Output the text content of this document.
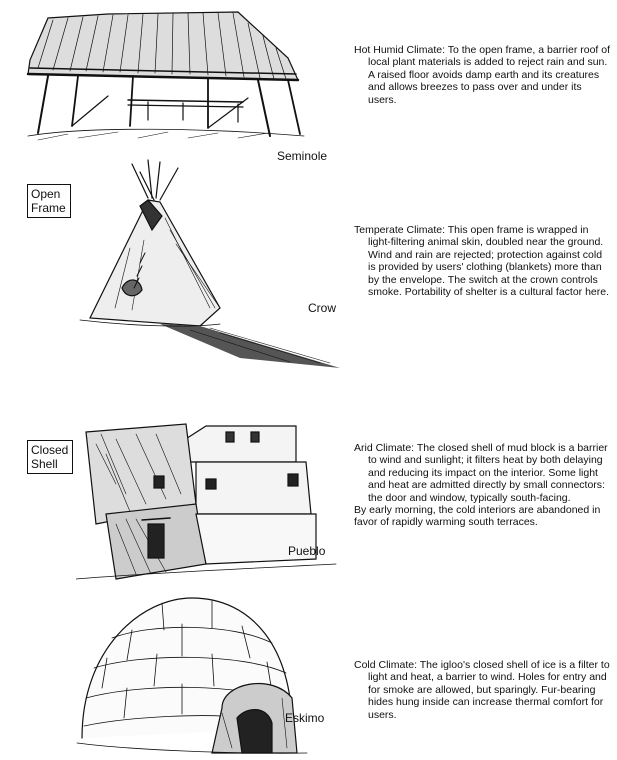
Seminole
Crow
Pueblo
Eskimo
Open
Frame
Closed
Shell

Hot Humid Climate: To the open frame, a barrier roof of local plant materials is added to reject rain and sun. A raised floor avoids damp earth and its creatures and allows breezes to pass over and under its users.

Temperate Climate: This open frame is wrapped in light-filtering animal skin, doubled near the ground. Wind and rain are rejected; protection against cold is provided by users' clothing (blankets) more than by the envelope. The switch at the crown controls smoke. Portability of shelter is a cultural factor here.

Arid Climate: The closed shell of mud block is a barrier to wind and sunlight; it filters heat by both delaying and reducing its impact on the interior. Some light and heat are admitted directly by small connectors: the door and window, typically south-facing.

By early morning, the cold interiors are abandoned in favor of rapidly warming south terraces.

Cold Climate: The igloo's closed shell of ice is a filter to light and heat, a barrier to wind. Holes for entry and for smoke are allowed, but sparingly. Fur-bearing hides hung inside can increase thermal comfort for users.
